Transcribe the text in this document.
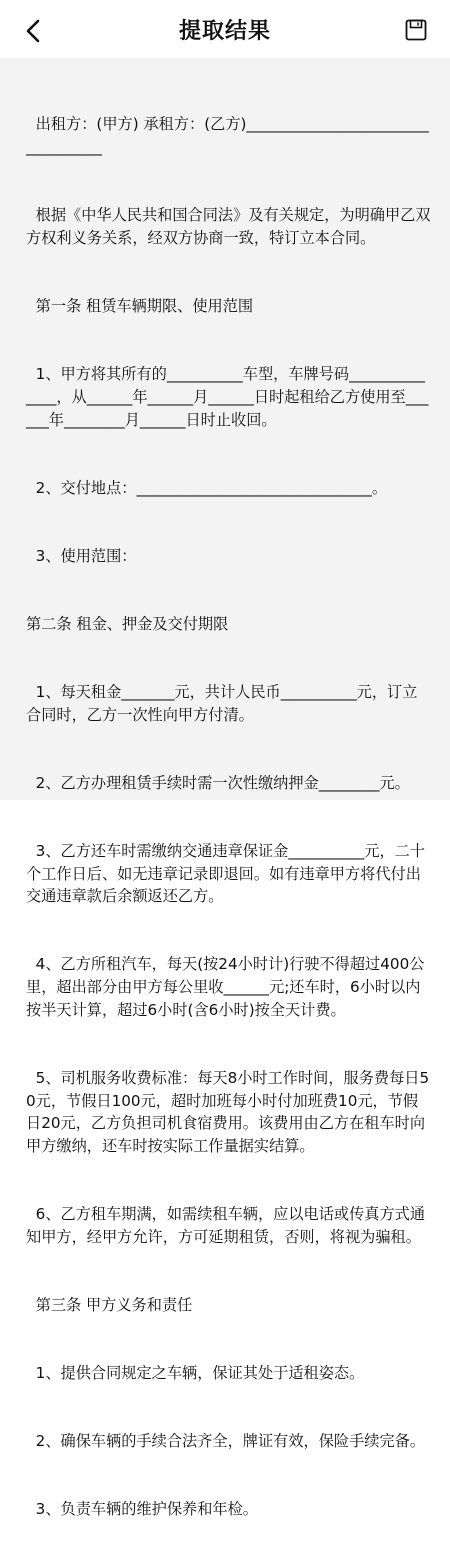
提取结果

出租方：(甲方) 承租方：(乙方)__________________________________

根据《中华人民共和国合同法》及有关规定，为明确甲乙双方权利义务关系，经双方协商一致，特订立本合同。

第一条 租赁车辆期限、使用范围

1、甲方将其所有的__________车型，车牌号码______________，从______年______月______日时起租给乙方使用至______年________月______日时止收回。

2、交付地点：_______________________________。

3、使用范围：

第二条 租金、押金及交付期限

1、每天租金_______元，共计人民币__________元，订立合同时，乙方一次性向甲方付清。

2、乙方办理租赁手续时需一次性缴纳押金________元。

3、乙方还车时需缴纳交通违章保证金__________元，二十个工作日后、如无违章记录即退回。如有违章甲方将代付出交通违章款后余额返还乙方。

4、乙方所租汽车，每天(按24小时计)行驶不得超过400公里，超出部分由甲方每公里收______元;还车时，6小时以内按半天计算，超过6小时(含6小时)按全天计费。

5、司机服务收费标准：每天8小时工作时间，服务费每日50元，节假日100元，超时加班每小时付加班费10元，节假日20元，乙方负担司机食宿费用。该费用由乙方在租车时向甲方缴纳，还车时按实际工作量据实结算。

6、乙方租车期满，如需续租车辆，应以电话或传真方式通知甲方，经甲方允许，方可延期租赁，否则，将视为骗租。

第三条 甲方义务和责任

1、提供合同规定之车辆，保证其处于适租姿态。

2、确保车辆的手续合法齐全，牌证有效，保险手续完备。

3、负责车辆的维护保养和年检。
